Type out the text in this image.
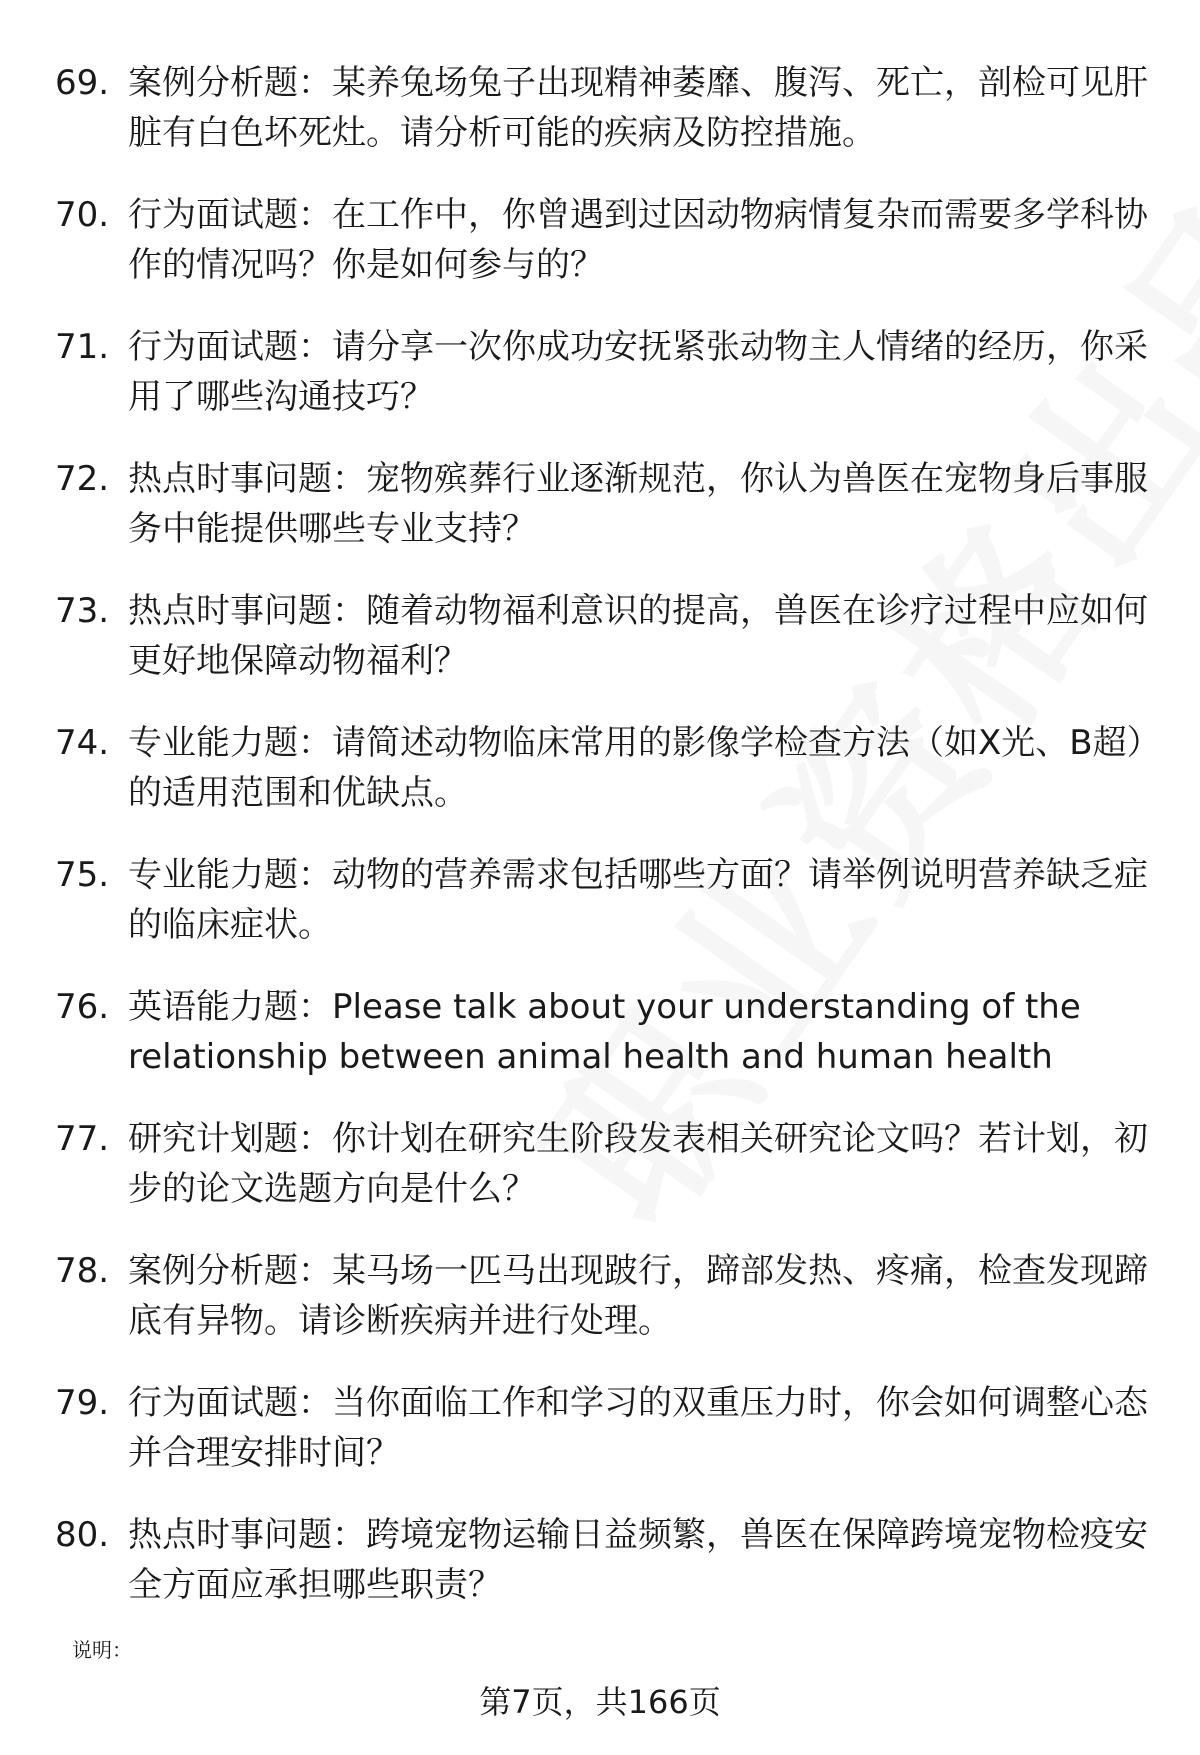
69. 案例分析题：某养兔场兔子出现精神萎靡、腹泻、死亡，剖检可见肝脏有白色坏死灶。请分析可能的疾病及防控措施。
70. 行为面试题：在工作中，你曾遇到过因动物病情复杂而需要多学科协作的情况吗？你是如何参与的？
71. 行为面试题：请分享一次你成功安抚紧张动物主人情绪的经历，你采用了哪些沟通技巧？
72. 热点时事问题：宠物殡葬行业逐渐规范，你认为兽医在宠物身后事服务中能提供哪些专业支持？
73. 热点时事问题：随着动物福利意识的提高，兽医在诊疗过程中应如何更好地保障动物福利？
74. 专业能力题：请简述动物临床常用的影像学检查方法（如X光、B超）的适用范围和优缺点。
75. 专业能力题：动物的营养需求包括哪些方面？请举例说明营养缺乏症的临床症状。
76. 英语能力题：Please talk about your understanding of the relationship between animal health and human health
77. 研究计划题：你计划在研究生阶段发表相关研究论文吗？若计划，初步的论文选题方向是什么？
78. 案例分析题：某马场一匹马出现跛行，蹄部发热、疼痛，检查发现蹄底有异物。请诊断疾病并进行处理。
79. 行为面试题：当你面临工作和学习的双重压力时，你会如何调整心态并合理安排时间？
80. 热点时事问题：跨境宠物运输日益频繁，兽医在保障跨境宠物检疫安全方面应承担哪些职责？
说明：
第7页，共166页
